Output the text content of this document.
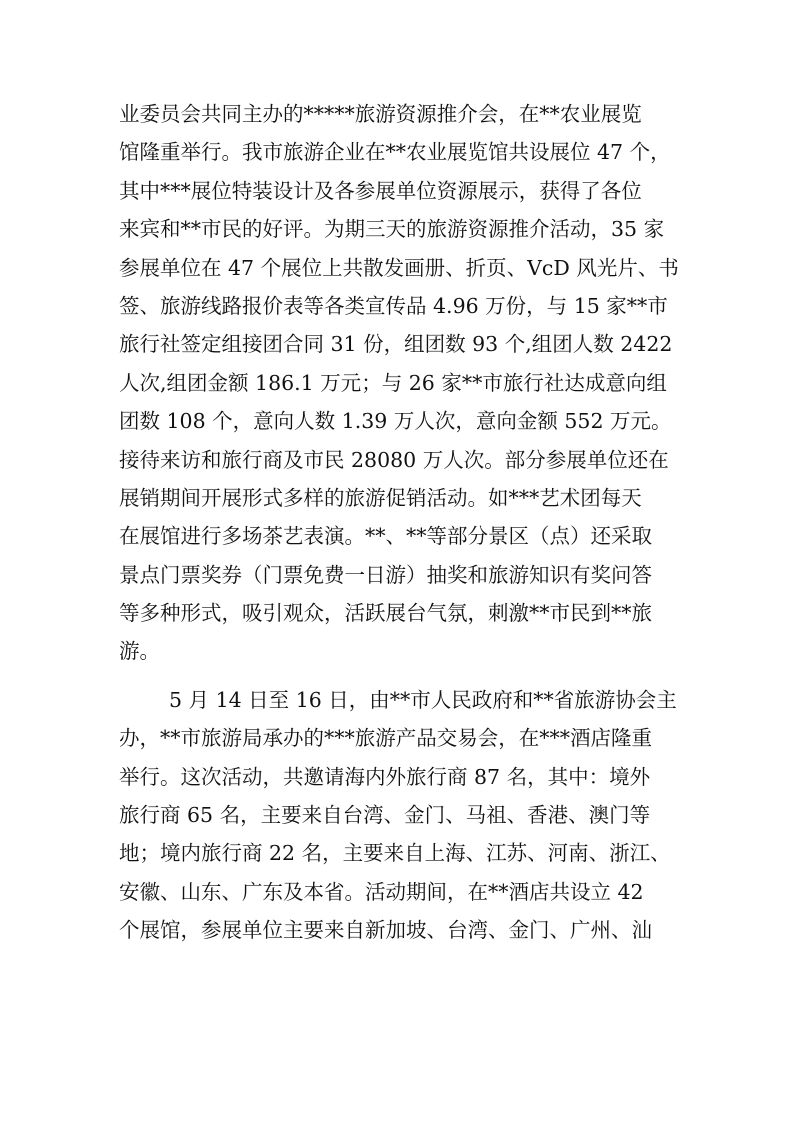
业委员会共同主办的*****旅游资源推介会，在**农业展览
馆隆重举行。我市旅游企业在**农业展览馆共设展位 47 个，
其中***展位特装设计及各参展单位资源展示，获得了各位
来宾和**市民的好评。为期三天的旅游资源推介活动，35 家
参展单位在 47 个展位上共散发画册、折页、VcD 风光片、书
签、旅游线路报价表等各类宣传品 4.96 万份，与 15 家**市
旅行社签定组接团合同 31 份，组团数 93 个,组团人数 2422
人次,组团金额 186.1 万元；与 26 家**市旅行社达成意向组
团数 108 个，意向人数 1.39 万人次，意向金额 552 万元。
接待来访和旅行商及市民 28080 万人次。部分参展单位还在
展销期间开展形式多样的旅游促销活动。如***艺术团每天
在展馆进行多场茶艺表演。**、**等部分景区（点）还采取
景点门票奖券（门票免费一日游）抽奖和旅游知识有奖问答
等多种形式，吸引观众，活跃展台气氛，刺激**市民到**旅
游。
5 月 14 日至 16 日，由**市人民政府和**省旅游协会主
办，**市旅游局承办的***旅游产品交易会，在***酒店隆重
举行。这次活动，共邀请海内外旅行商 87 名，其中：境外
旅行商 65 名，主要来自台湾、金门、马祖、香港、澳门等
地；境内旅行商 22 名，主要来自上海、江苏、河南、浙江、
安徽、山东、广东及本省。活动期间，在**酒店共设立 42
个展馆，参展单位主要来自新加坡、台湾、金门、广州、汕
